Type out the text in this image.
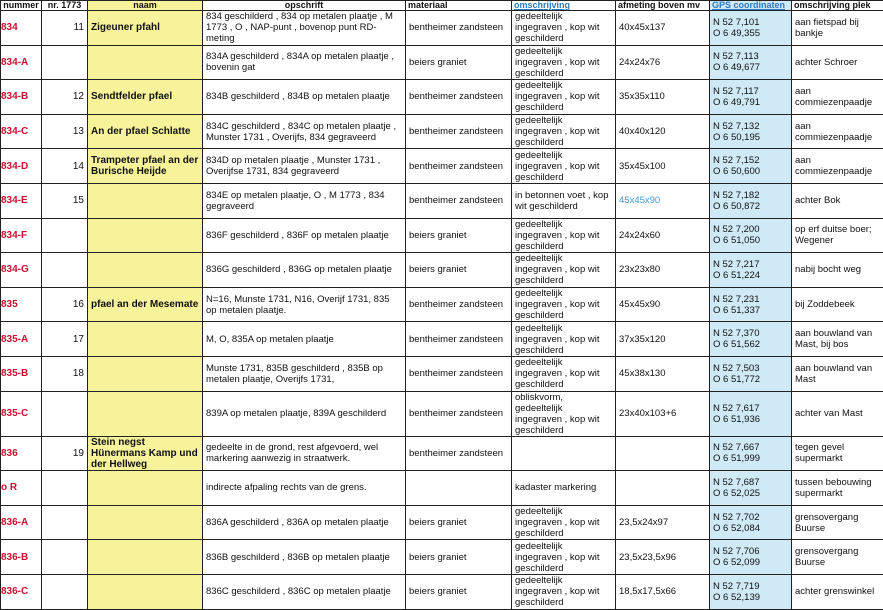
nummer	nr. 1773	naam	opschrift	materiaal	omschrijving	afmeting boven mv	GPS coordinaten	omschrijving plek
834	11	Zigeuner pfahl	834 geschilderd , 834 op metalen plaatje , M 1773 , O , NAP-punt , bovenop punt RD-meting	bentheimer zandsteen	gedeeltelijk ingegraven , kop wit geschilderd	40x45x137	N 52 7,101
O 6 49,355	aan fietspad bij bankje
834-A			834A geschilderd , 834A op metalen plaatje , bovenin gat	beiers graniet	gedeeltelijk ingegraven , kop wit geschilderd	24x24x76	N 52 7,113
O 6 49,677	achter Schroer
834-B	12	Sendtfelder pfael	834B geschilderd , 834B op metalen plaatje	bentheimer zandsteen	gedeeltelijk ingegraven , kop wit geschilderd	35x35x110	N 52 7,117
O 6 49,791	aan commiezenpaadje
834-C	13	An der pfael Schlatte	834C geschilderd , 834C op metalen plaatje , Munster 1731 , Overijfs, 834 gegraveerd	bentheimer zandsteen	gedeeltelijk ingegraven , kop wit geschilderd	40x40x120	N 52 7,132
O 6 50,195	aan commiezenpaadje
834-D	14	Trampeter pfael an der Burische Heijde	834D op metalen plaatje , Munster 1731 , Overijfse 1731, 834 gegraveerd	bentheimer zandsteen	gedeeltelijk ingegraven , kop wit geschilderd	35x45x100	N 52 7,152
O 6 50,600	aan commiezenpaadje
834-E	15		834E op metalen plaatje, O , M 1773 , 834 gegraveerd	bentheimer zandsteen	in betonnen voet , kop wit geschilderd	45x45x90	N 52 7,182
O 6 50,872	achter Bok
834-F			836F geschilderd , 836F op metalen plaatje	beiers graniet	gedeeltelijk ingegraven , kop wit geschilderd	24x24x60	N 52 7,200
O 6 51,050	op erf duitse boer; Wegener
834-G			836G geschilderd , 836G op metalen plaatje	beiers graniet	gedeeltelijk ingegraven , kop wit geschilderd	23x23x80	N 52 7,217
O 6 51,224	nabij bocht weg
835	16	pfael an der Mesemate	N=16, Munste 1731, N16, Overijf 1731, 835 op metalen plaatje.	bentheimer zandsteen	gedeeltelijk ingegraven , kop wit geschilderd	45x45x90	N 52 7,231
O 6 51,337	bij Zoddebeek
835-A	17		M, O, 835A op metalen plaatje	bentheimer zandsteen	gedeeltelijk ingegraven , kop wit geschilderd	37x35x120	N 52 7,370
O 6 51,562	aan bouwland van Mast, bij bos
835-B	18		Munste 1731, 835B geschilderd , 835B op metalen plaatje, Overijfs 1731,	bentheimer zandsteen	gedeeltelijk ingegraven , kop wit geschilderd	45x38x130	N 52 7,503
O 6 51,772	aan bouwland van Mast
835-C			839A op metalen plaatje, 839A geschilderd	bentheimer zandsteen	obliskvorm, gedeeltelijk ingegraven , kop wit geschilderd	23x40x103+6	N 52 7,617
O 6 51,936	achter van Mast
836	19	Stein negst Hünermans Kamp und der Hellweg	gedeelte in de grond, rest afgevoerd, wel markering aanwezig in straatwerk.	bentheimer zandsteen			N 52 7,667
O 6 51,999	tegen gevel supermarkt
o R			indirecte afpaling rechts van de grens.		kadaster markering		N 52 7,687
O 6 52,025	tussen bebouwing supermarkt
836-A			836A geschilderd , 836A op metalen plaatje	beiers graniet	gedeeltelijk ingegraven , kop wit geschilderd	23,5x24x97	N 52 7,702
O 6 52,084	grensovergang Buurse
836-B			836B geschilderd , 836B op metalen plaatje	beiers graniet	gedeeltelijk ingegraven , kop wit geschilderd	23,5x23,5x96	N 52 7,706
O 6 52,099	grensovergang Buurse
836-C			836C geschilderd , 836C op metalen plaatje	beiers graniet	gedeeltelijk ingegraven , kop wit geschilderd	18,5x17,5x66	N 52 7,719
O 6 52,139	achter grenswinkel
